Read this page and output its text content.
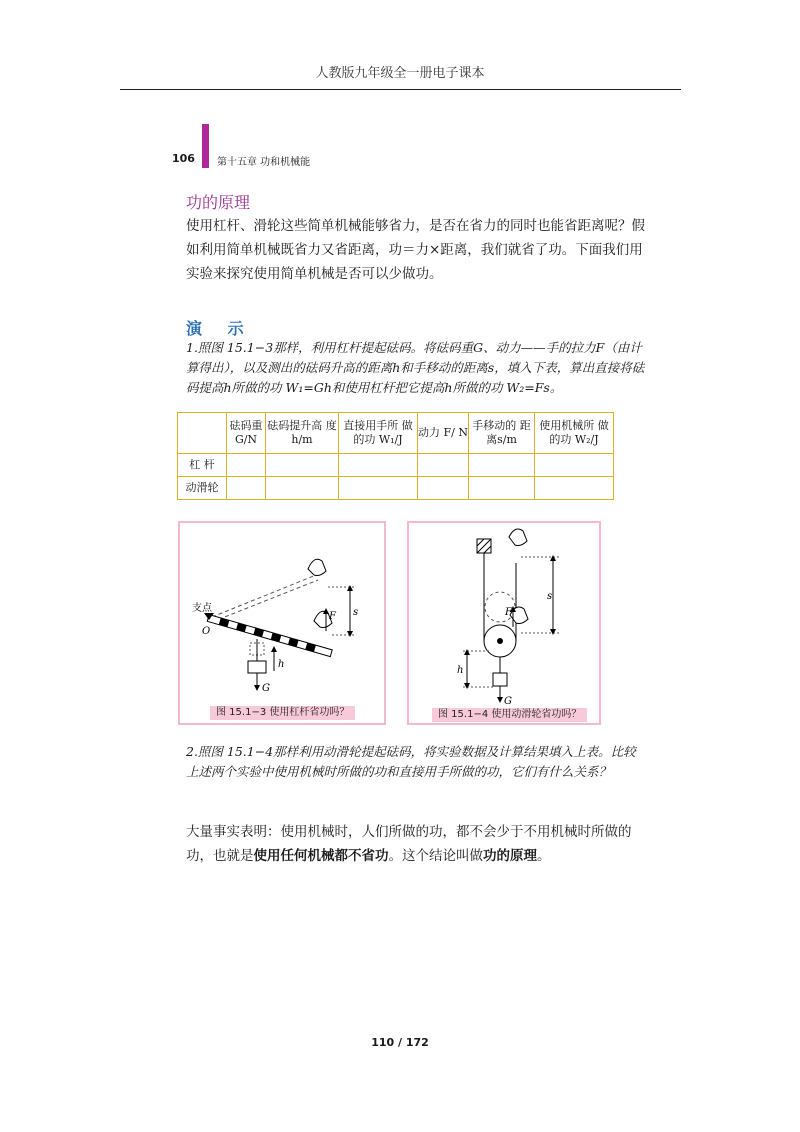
人教版九年级全一册电子课本
106 第十五章 功和机械能
功的原理
使用杠杆、滑轮这些简单机械能够省力，是否在省力的同时也能省距离呢？假如利用简单机械既省力又省距离，功＝力×距离，我们就省了功。下面我们用实验来探究使用简单机械是否可以少做功。
演 示
1.照图 15.1−3那样，利用杠杆提起砝码。将砝码重G、动力——手的拉力F（由计算得出），以及测出的砝码升高的距离h和手移动的距离s，填入下表，算出直接将砝码提高h所做的功 W₁=Gh和使用杠杆把它提高h所做的功 W₂=Fs。
	砝码重 G/N	砝码提升高 度h/m	直接用手所 做的功 W₁/J	动力 F/ N	手移动的 距离s/m	使用机械所 做的功 W₂/J
杠 杆						
动滑轮						
支点
O
G
h
F s
图 15.1−3 使用杠杆省功吗？
G
F
s
h
图 15.1−4 使用动滑轮省功吗？
2.照图 15.1−4那样利用动滑轮提起砝码，将实验数据及计算结果填入上表。比较上述两个实验中使用机械时所做的功和直接用手所做的功，它们有什么关系？
大量事实表明：使用机械时，人们所做的功，都不会少于不用机械时所做的功，也就是使用任何机械都不省功。这个结论叫做功的原理。
110 / 172
